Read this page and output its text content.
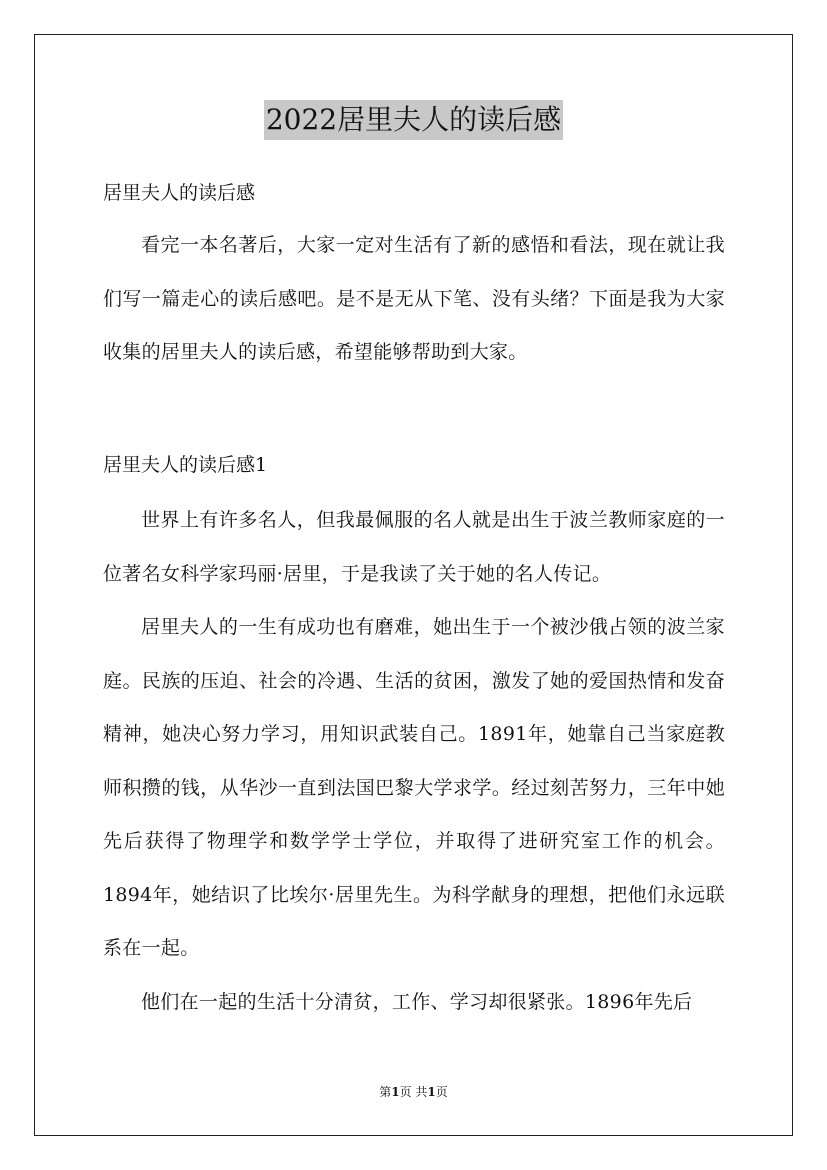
2022居里夫人的读后感
居里夫人的读后感

看完一本名著后，大家一定对生活有了新的感悟和看法，现在就让我们写一篇走心的读后感吧。是不是无从下笔、没有头绪？下面是我为大家收集的居里夫人的读后感，希望能够帮助到大家。

居里夫人的读后感1

世界上有许多名人，但我最佩服的名人就是出生于波兰教师家庭的一位著名女科学家玛丽·居里，于是我读了关于她的名人传记。

居里夫人的一生有成功也有磨难，她出生于一个被沙俄占领的波兰家庭。民族的压迫、社会的冷遇、生活的贫困，激发了她的爱国热情和发奋精神，她决心努力学习，用知识武装自己。1891年，她靠自己当家庭教师积攒的钱，从华沙一直到法国巴黎大学求学。经过刻苦努力，三年中她先后获得了物理学和数学学士学位，并取得了进研究室工作的机会。1894年，她结识了比埃尔·居里先生。为科学献身的理想，把他们永远联系在一起。

他们在一起的生活十分清贫，工作、学习却很紧张。1896年先后

第1页 共1页
